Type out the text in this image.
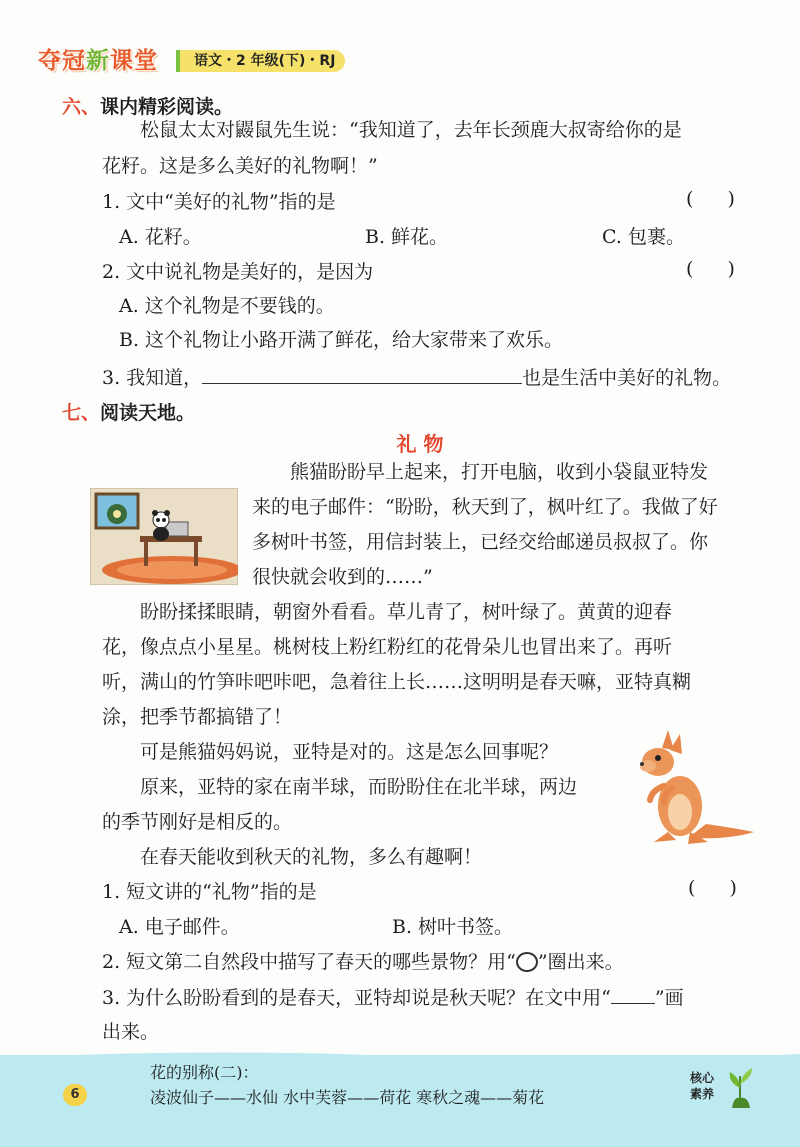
夺冠新课堂	语文・2 年级(下)・RJ
六、课内精彩阅读。
松鼠太太对鼹鼠先生说：“我知道了，去年长颈鹿大叔寄给你的是
花籽。这是多么美好的礼物啊！”
1. 文中“美好的礼物”指的是	( )
A. 花籽。	B. 鲜花。	C. 包裹。
2. 文中说礼物是美好的，是因为	( )
A. 这个礼物是不要钱的。
B. 这个礼物让小路开满了鲜花，给大家带来了欢乐。
3. 我知道，	也是生活中美好的礼物。
七、阅读天地。
礼 物
熊猫盼盼早上起来，打开电脑，收到小袋鼠亚特发
来的电子邮件：“盼盼，秋天到了，枫叶红了。我做了好
多树叶书签，用信封装上，已经交给邮递员叔叔了。你
很快就会收到的……”
盼盼揉揉眼睛，朝窗外看看。草儿青了，树叶绿了。黄黄的迎春
花，像点点小星星。桃树枝上粉红粉红的花骨朵儿也冒出来了。再听
听，满山的竹笋咔吧咔吧，急着往上长……这明明是春天嘛，亚特真糊
涂，把季节都搞错了！
可是熊猫妈妈说，亚特是对的。这是怎么回事呢？
原来，亚特的家在南半球，而盼盼住在北半球，两边
的季节刚好是相反的。
在春天能收到秋天的礼物，多么有趣啊！
1. 短文讲的“礼物”指的是	( )
A. 电子邮件。	B. 树叶书签。
2. 短文第二自然段中描写了春天的哪些景物？用“○”圈出来。
3. 为什么盼盼看到的是春天，亚特却说是秋天呢？在文中用“ ”画
出来。
6
花的别称(二)：
凌波仙子——水仙 水中芙蓉——荷花 寒秋之魂——菊花
核心
素养
